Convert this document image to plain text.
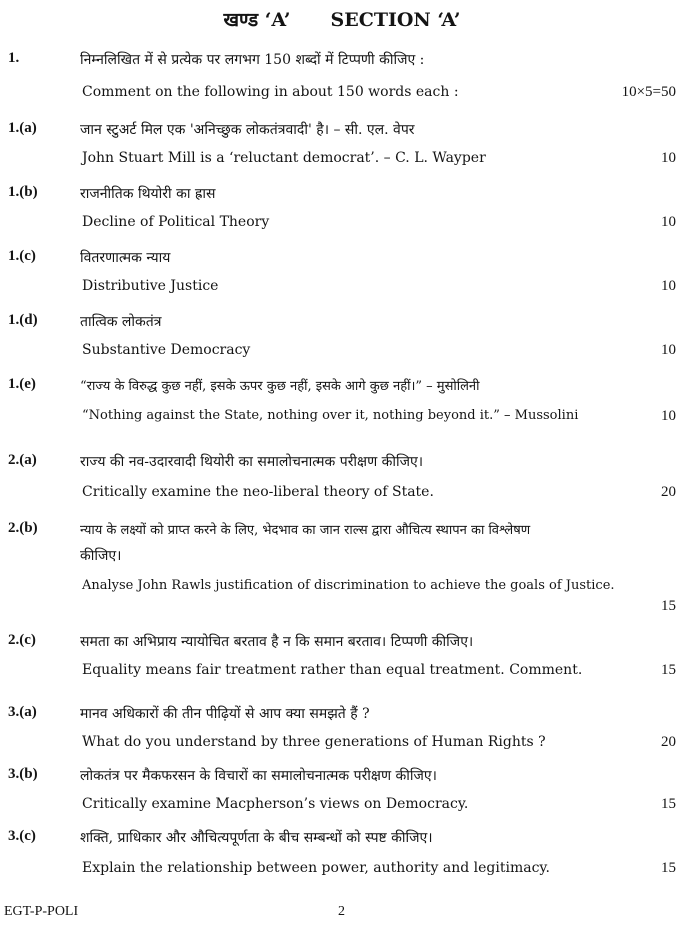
खण्ड ‘A’ SECTION ‘A’
1.	निम्नलिखित में से प्रत्येक पर लगभग 150 शब्दों में टिप्पणी कीजिए :
Comment on the following in about 150 words each :	10×5=50
1.(a)	जान स्टुअर्ट मिल एक 'अनिच्छुक लोकतंत्रवादी' है। – सी. एल. वेपर
John Stuart Mill is a ‘reluctant democrat’. – C. L. Wayper	10
1.(b)	राजनीतिक थियोरी का ह्रास
Decline of Political Theory	10
1.(c)	वितरणात्मक न्याय
Distributive Justice	10
1.(d)	तात्विक लोकतंत्र
Substantive Democracy	10
1.(e)	“राज्य के विरुद्ध कुछ नहीं, इसके ऊपर कुछ नहीं, इसके आगे कुछ नहीं।” – मुसोलिनी
“Nothing against the State, nothing over it, nothing beyond it.” – Mussolini	10
2.(a)	राज्य की नव-उदारवादी थियोरी का समालोचनात्मक परीक्षण कीजिए।
Critically examine the neo-liberal theory of State.	20
2.(b)	न्याय के लक्ष्यों को प्राप्त करने के लिए, भेदभाव का जान राल्स द्वारा औचित्य स्थापन का विश्लेषण
कीजिए।
Analyse John Rawls justification of discrimination to achieve the goals of Justice.
15
2.(c)	समता का अभिप्राय न्यायोचित बरताव है न कि समान बरताव। टिप्पणी कीजिए।
Equality means fair treatment rather than equal treatment. Comment.	15
3.(a)	मानव अधिकारों की तीन पीढ़ियों से आप क्या समझते हैं ?
What do you understand by three generations of Human Rights ?	20
3.(b)	लोकतंत्र पर मैकफरसन के विचारों का समालोचनात्मक परीक्षण कीजिए।
Critically examine Macpherson’s views on Democracy.	15
3.(c)	शक्ति, प्राधिकार और औचित्यपूर्णता के बीच सम्बन्धों को स्पष्ट कीजिए।
Explain the relationship between power, authority and legitimacy.	15
EGT-P-POLI	2
